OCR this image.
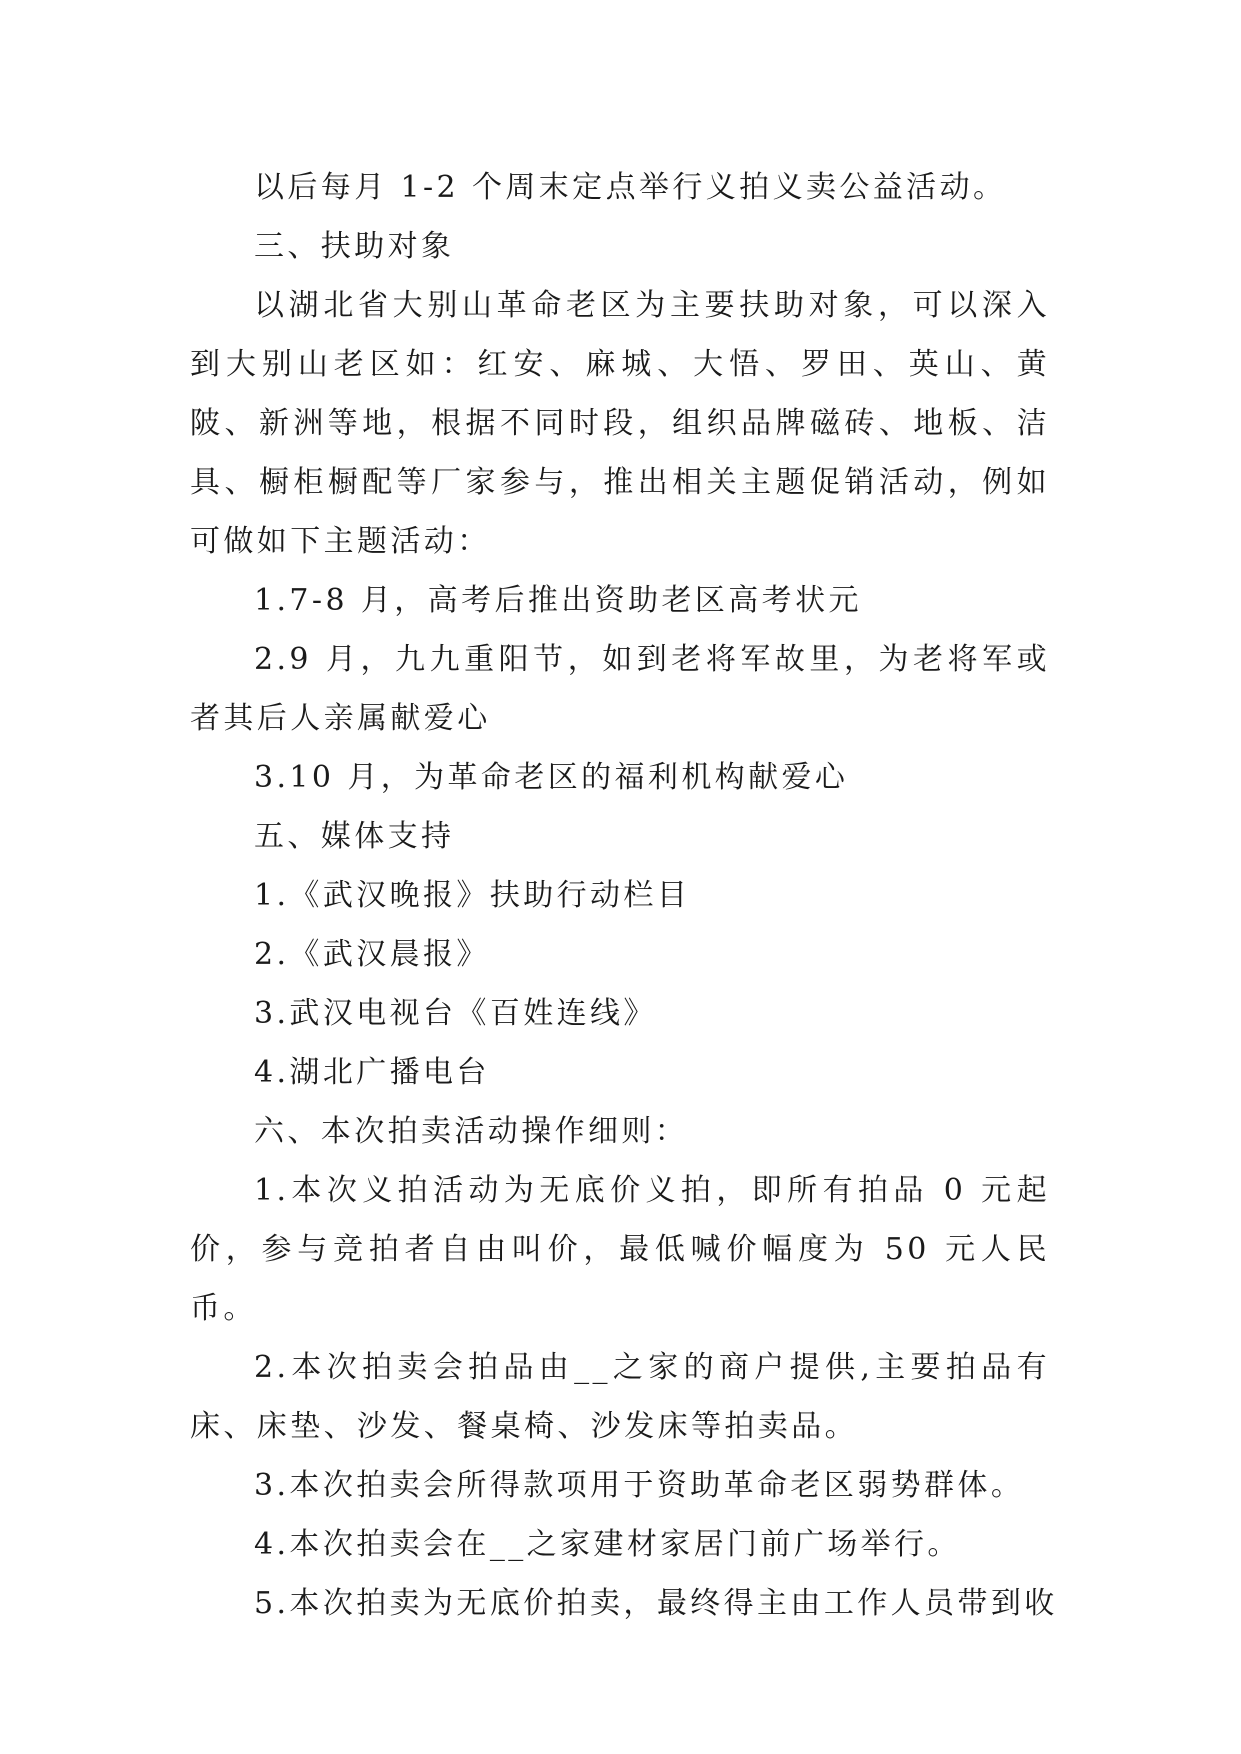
以后每月 1-2 个周末定点举行义拍义卖公益活动。

三、扶助对象

以湖北省大别山革命老区为主要扶助对象，可以深入到大别山老区如：红安、麻城、大悟、罗田、英山、黄陂、新洲等地，根据不同时段，组织品牌磁砖、地板、洁具、橱柜橱配等厂家参与，推出相关主题促销活动，例如可做如下主题活动：

1.7-8 月，高考后推出资助老区高考状元

2.9 月，九九重阳节，如到老将军故里，为老将军或者其后人亲属献爱心

3.10 月，为革命老区的福利机构献爱心

五、媒体支持

1.《武汉晚报》扶助行动栏目

2.《武汉晨报》

3.武汉电视台《百姓连线》

4.湖北广播电台

六、本次拍卖活动操作细则：

1.本次义拍活动为无底价义拍，即所有拍品 0 元起价，参与竞拍者自由叫价，最低喊价幅度为 50 元人民币。

2.本次拍卖会拍品由__之家的商户提供,主要拍品有床、床垫、沙发、餐桌椅、沙发床等拍卖品。

3.本次拍卖会所得款项用于资助革命老区弱势群体。

4.本次拍卖会在__之家建材家居门前广场举行。

5.本次拍卖为无底价拍卖，最终得主由工作人员带到收
